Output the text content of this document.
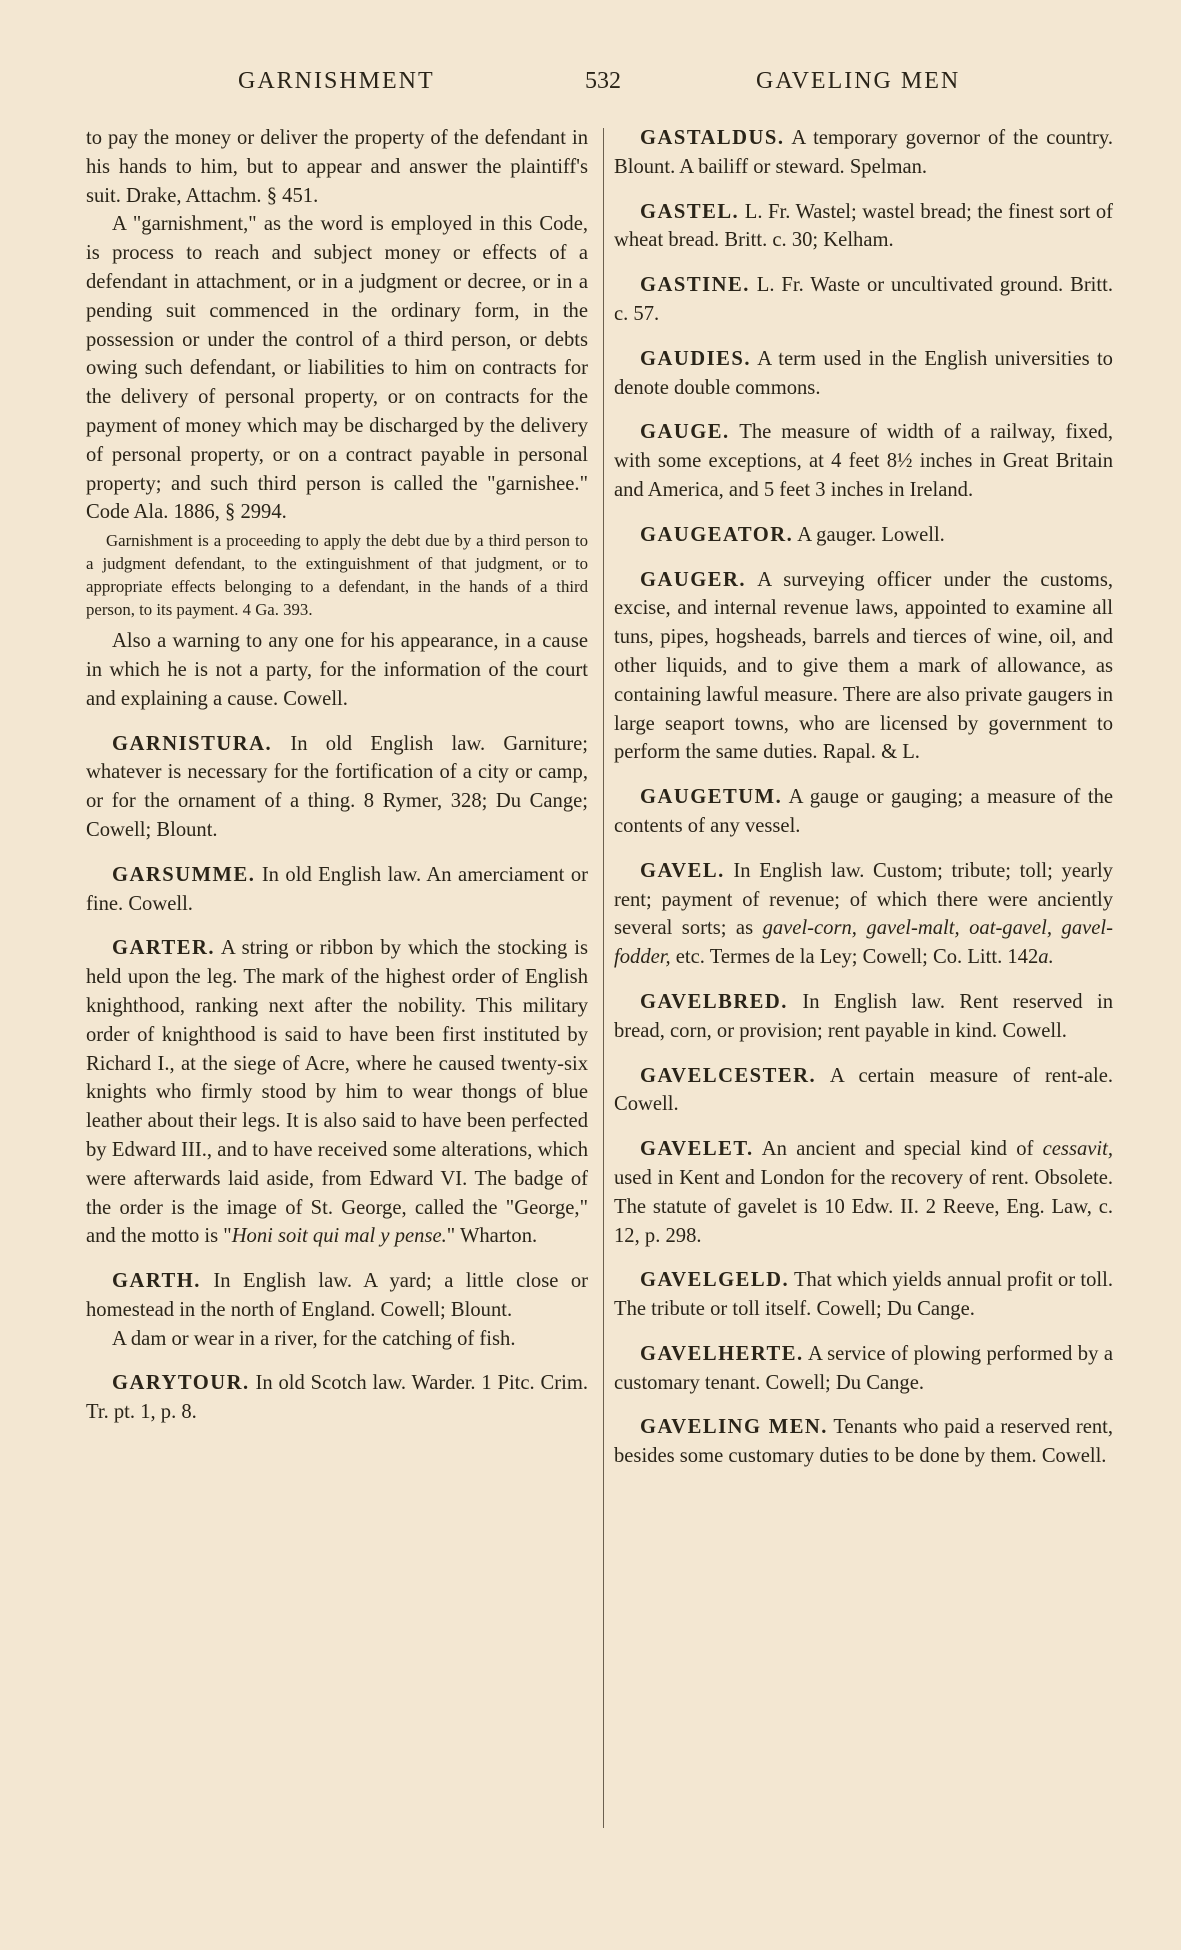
GARNISHMENT	532	GAVELING MEN

to pay the money or deliver the property of the defendant in his hands to him, but to appear and answer the plaintiff's suit. Drake, Attachm. § 451.

A "garnishment," as the word is employed in this Code, is process to reach and subject money or effects of a defendant in attachment, or in a judgment or decree, or in a pending suit commenced in the ordinary form, in the possession or under the control of a third person, or debts owing such defendant, or liabilities to him on contracts for the delivery of personal property, or on contracts for the payment of money which may be discharged by the delivery of personal property, or on a contract payable in personal property; and such third person is called the "garnishee." Code Ala. 1886, § 2994.

Garnishment is a proceeding to apply the debt due by a third person to a judgment defendant, to the extinguishment of that judgment, or to appropriate effects belonging to a defendant, in the hands of a third person, to its payment. 4 Ga. 393.

Also a warning to any one for his appearance, in a cause in which he is not a party, for the information of the court and explaining a cause. Cowell.

GARNISTURA. In old English law. Garniture; whatever is necessary for the fortification of a city or camp, or for the ornament of a thing. 8 Rymer, 328; Du Cange; Cowell; Blount.

GARSUMME. In old English law. An amerciament or fine. Cowell.

GARTER. A string or ribbon by which the stocking is held upon the leg. The mark of the highest order of English knighthood, ranking next after the nobility. This military order of knighthood is said to have been first instituted by Richard I., at the siege of Acre, where he caused twenty-six knights who firmly stood by him to wear thongs of blue leather about their legs. It is also said to have been perfected by Edward III., and to have received some alterations, which were afterwards laid aside, from Edward VI. The badge of the order is the image of St. George, called the "George," and the motto is "Honi soit qui mal y pense." Wharton.

GARTH. In English law. A yard; a little close or homestead in the north of England. Cowell; Blount.

A dam or wear in a river, for the catching of fish.

GARYTOUR. In old Scotch law. Warder. 1 Pitc. Crim. Tr. pt. 1, p. 8.

GASTALDUS. A temporary governor of the country. Blount. A bailiff or steward. Spelman.

GASTEL. L. Fr. Wastel; wastel bread; the finest sort of wheat bread. Britt. c. 30; Kelham.

GASTINE. L. Fr. Waste or uncultivated ground. Britt. c. 57.

GAUDIES. A term used in the English universities to denote double commons.

GAUGE. The measure of width of a railway, fixed, with some exceptions, at 4 feet 8½ inches in Great Britain and America, and 5 feet 3 inches in Ireland.

GAUGEATOR. A gauger. Lowell.

GAUGER. A surveying officer under the customs, excise, and internal revenue laws, appointed to examine all tuns, pipes, hogsheads, barrels and tierces of wine, oil, and other liquids, and to give them a mark of allowance, as containing lawful measure. There are also private gaugers in large seaport towns, who are licensed by government to perform the same duties. Rapal. & L.

GAUGETUM. A gauge or gauging; a measure of the contents of any vessel.

GAVEL. In English law. Custom; tribute; toll; yearly rent; payment of revenue; of which there were anciently several sorts; as gavel-corn, gavel-malt, oat-gavel, gavel-fodder, etc. Termes de la Ley; Cowell; Co. Litt. 142a.

GAVELBRED. In English law. Rent reserved in bread, corn, or provision; rent payable in kind. Cowell.

GAVELCESTER. A certain measure of rent-ale. Cowell.

GAVELET. An ancient and special kind of cessavit, used in Kent and London for the recovery of rent. Obsolete. The statute of gavelet is 10 Edw. II. 2 Reeve, Eng. Law, c. 12, p. 298.

GAVELGELD. That which yields annual profit or toll. The tribute or toll itself. Cowell; Du Cange.

GAVELHERTE. A service of plowing performed by a customary tenant. Cowell; Du Cange.

GAVELING MEN. Tenants who paid a reserved rent, besides some customary duties to be done by them. Cowell.
